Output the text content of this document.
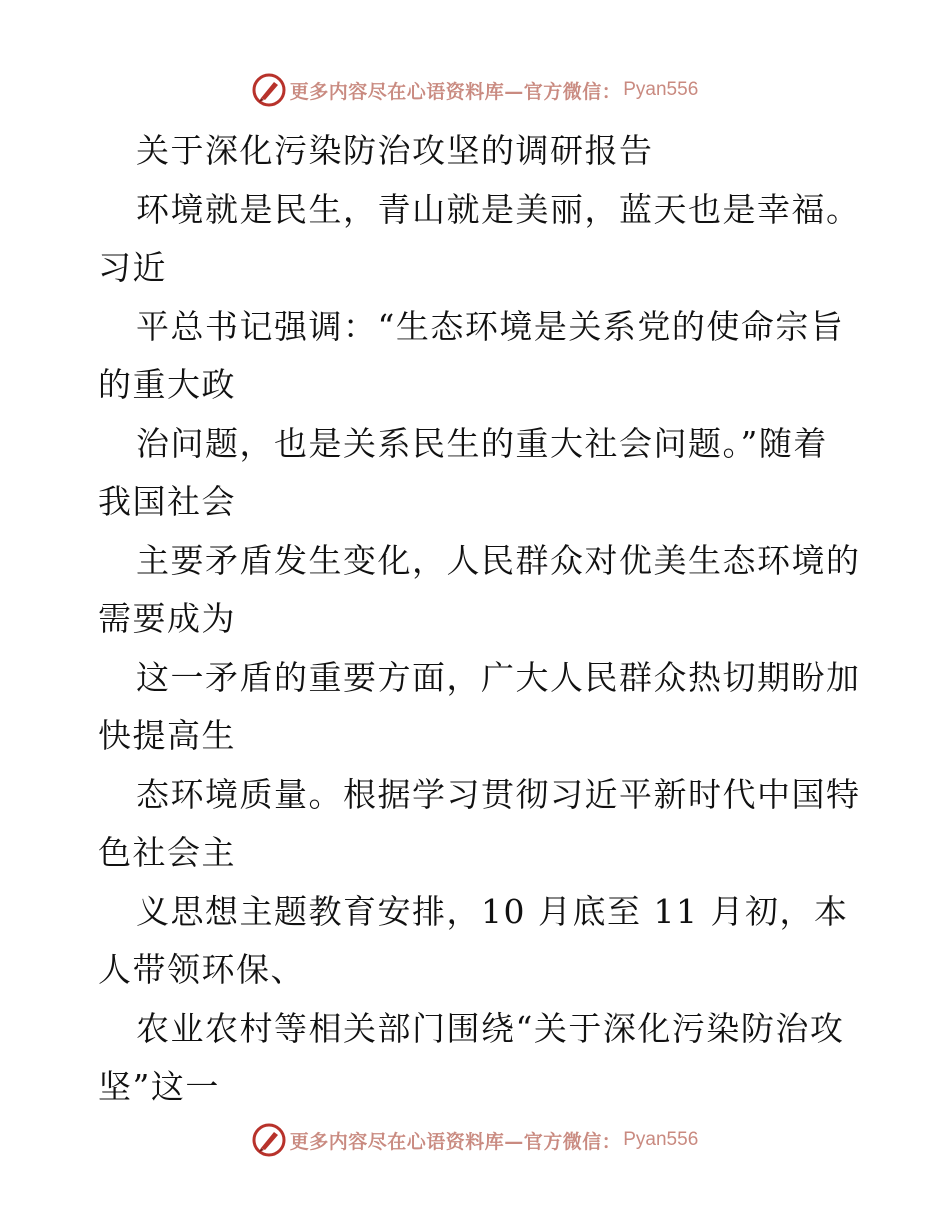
更多内容尽在心语资料库—官方微信： Pyan556
关于深化污染防治攻坚的调研报告
环境就是民生，青山就是美丽，蓝天也是幸福。
习近
平总书记强调：“生态环境是关系党的使命宗旨
的重大政
治问题，也是关系民生的重大社会问题。”随着
我国社会
主要矛盾发生变化，人民群众对优美生态环境的
需要成为
这一矛盾的重要方面，广大人民群众热切期盼加
快提高生
态环境质量。根据学习贯彻习近平新时代中国特
色社会主
义思想主题教育安排，10 月底至 11 月初，本
人带领环保、
农业农村等相关部门围绕“关于深化污染防治攻
坚”这一
更多内容尽在心语资料库—官方微信： Pyan556
